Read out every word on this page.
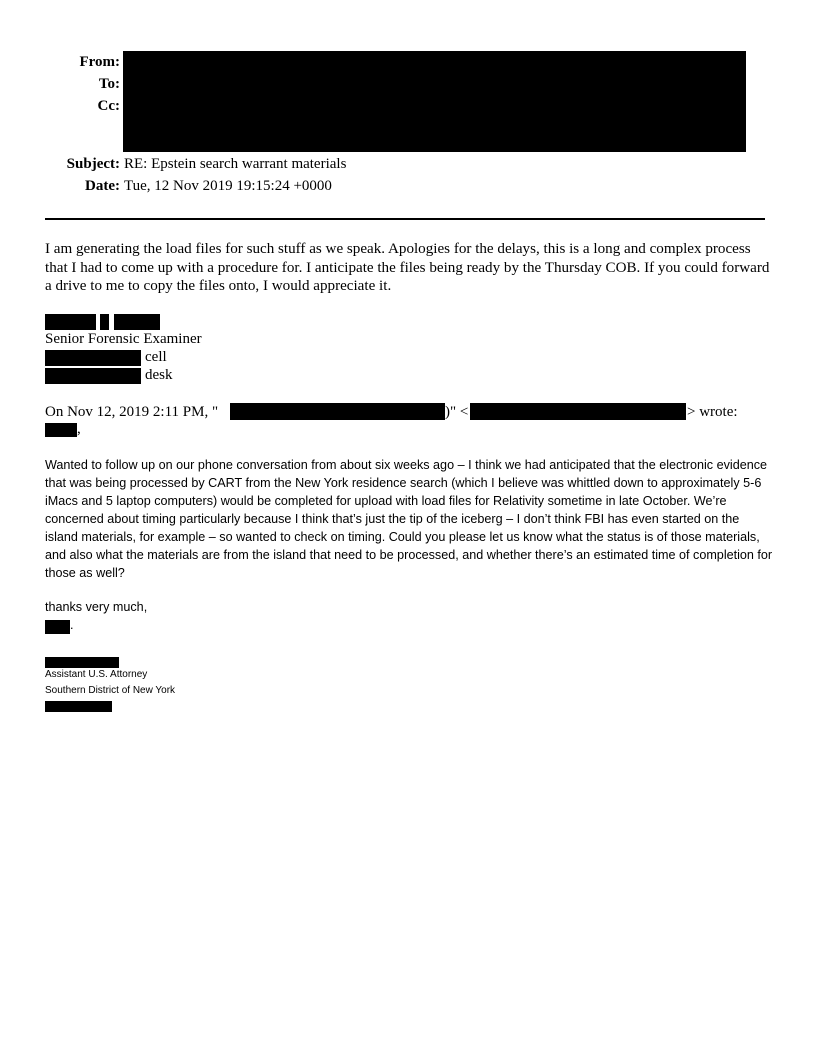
From:
To:
Cc:
Subject: RE: Epstein search warrant materials
Date: Tue, 12 Nov 2019 19:15:24 +0000
I am generating the load files for such stuff as we speak. Apologies for the delays, this is a long and complex process that I had to come up with a procedure for. I anticipate the files being ready by the Thursday COB. If you could forward a drive to me to copy the files onto, I would appreciate it.
Senior Forensic Examiner
cell
desk
On Nov 12, 2019 2:11 PM, "	)" <	> wrote:
,
Wanted to follow up on our phone conversation from about six weeks ago – I think we had anticipated that the electronic evidence that was being processed by CART from the New York residence search (which I believe was whittled down to approximately 5-6 iMacs and 5 laptop computers) would be completed for upload with load files for Relativity sometime in late October. We’re concerned about timing particularly because I think that’s just the tip of the iceberg – I don’t think FBI has even started on the island materials, for example – so wanted to check on timing. Could you please let us know what the status is of those materials, and also what the materials are from the island that need to be processed, and whether there’s an estimated time of completion for those as well?
thanks very much,
.
Assistant U.S. Attorney
Southern District of New York
